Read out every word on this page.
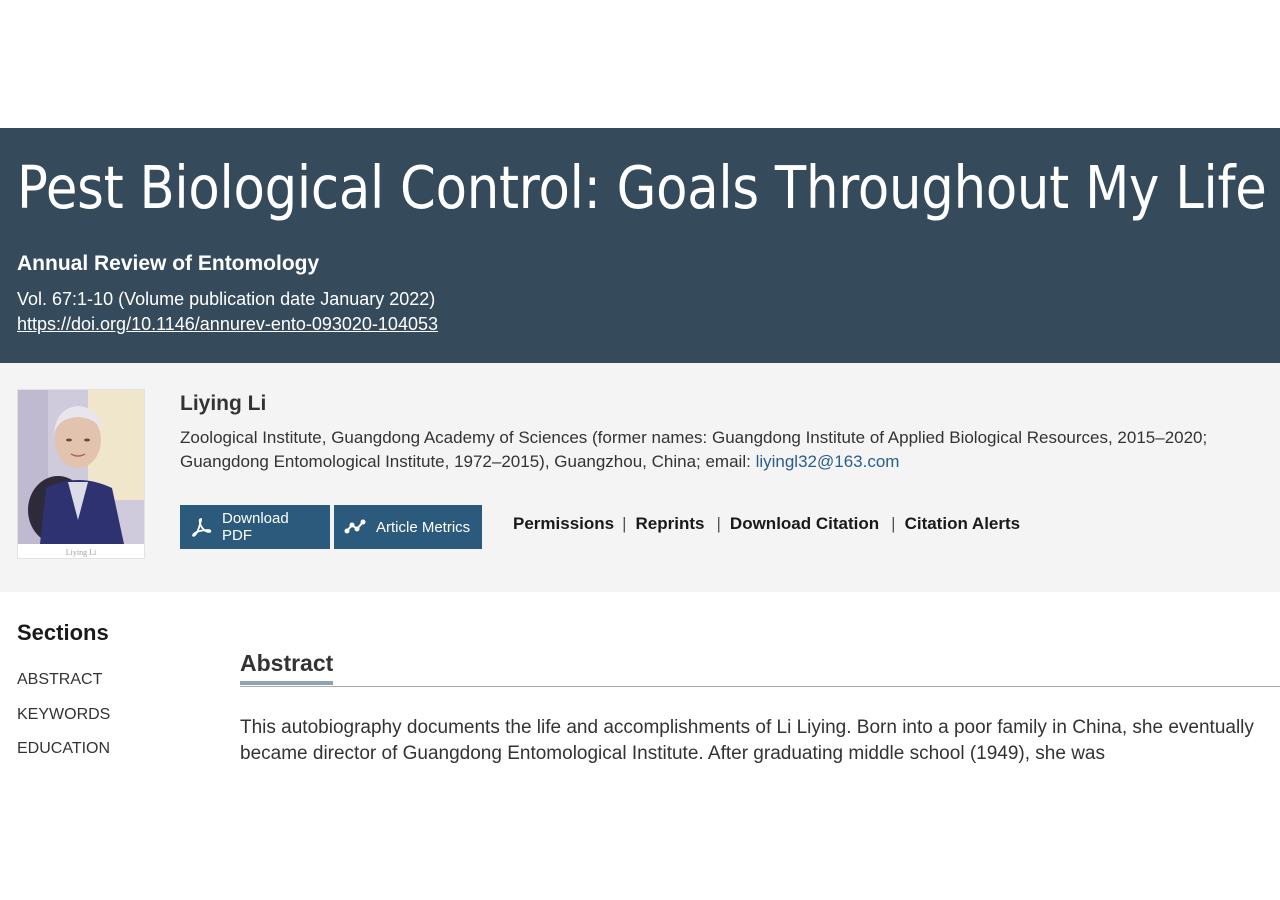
Pest Biological Control: Goals Throughout My Life
Annual Review of Entomology
Vol. 67:1-10 (Volume publication date January 2022)
https://doi.org/10.1146/annurev-ento-093020-104053
Liying Li
Liying Li
Zoological Institute, Guangdong Academy of Sciences (former names: Guangdong Institute of Applied Biological Resources, 2015–2020; Guangdong Entomological Institute, 1972–2015), Guangzhou, China; email: liyingl32@163.com
Download PDF	Article Metrics	Permissions | Reprints | Download Citation | Citation Alerts
Sections
ABSTRACT
KEYWORDS
EDUCATION
Abstract

This autobiography documents the life and accomplishments of Li Liying. Born into a poor family in China, she eventually became director of Guangdong Entomological Institute. After graduating middle school (1949), she was
